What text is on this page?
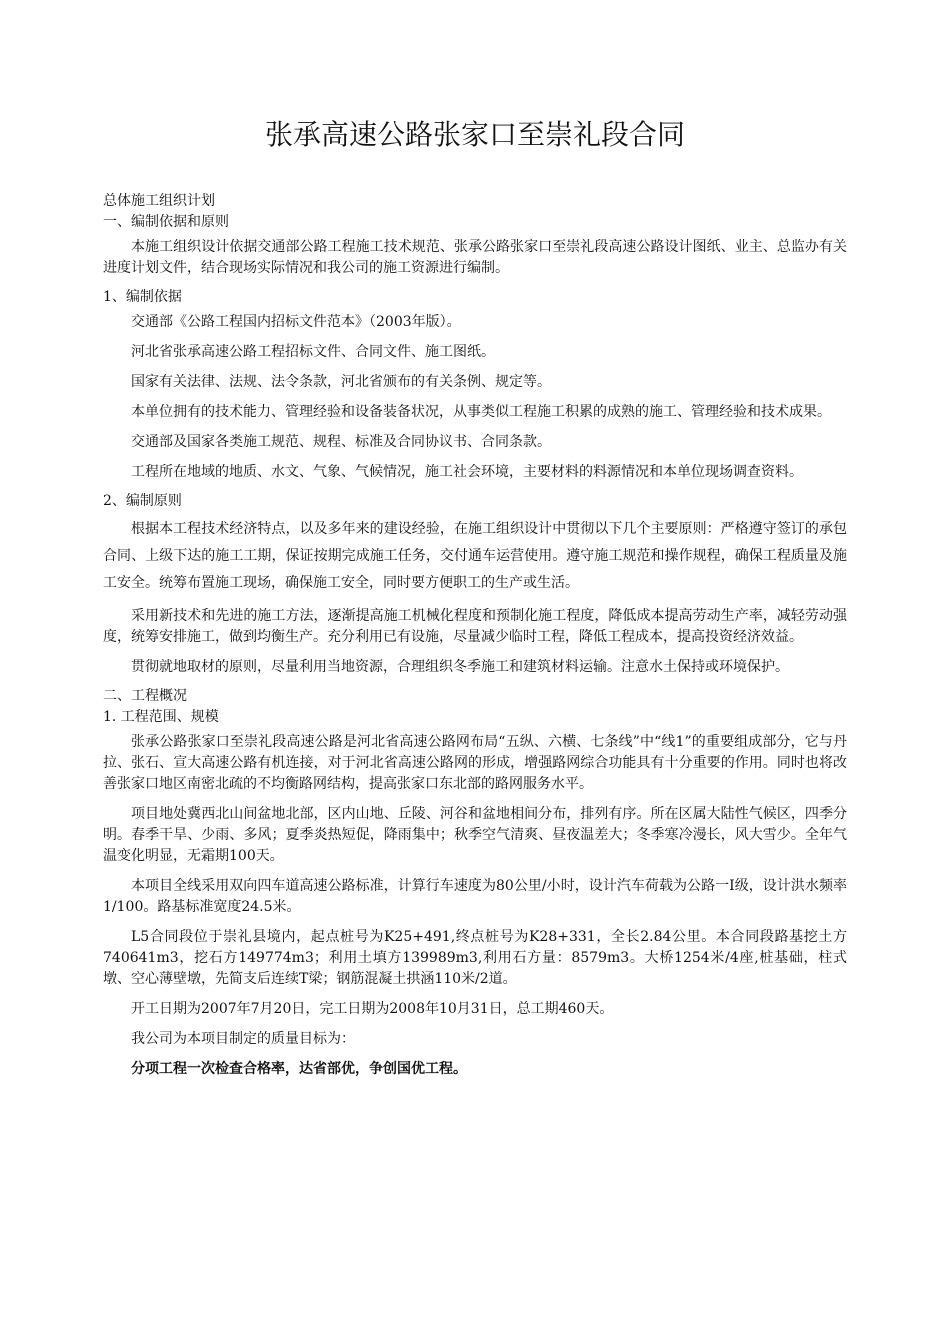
张承高速公路张家口至崇礼段合同

总体施工组织计划

一、编制依据和原则

本施工组织设计依据交通部公路工程施工技术规范、张承公路张家口至崇礼段高速公路设计图纸、业主、总监办有关进度计划文件，结合现场实际情况和我公司的施工资源进行编制。

1、编制依据

交通部《公路工程国内招标文件范本》（2003年版）。

河北省张承高速公路工程招标文件、合同文件、施工图纸。

国家有关法律、法规、法令条款，河北省颁布的有关条例、规定等。

本单位拥有的技术能力、管理经验和设备装备状况，从事类似工程施工积累的成熟的施工、管理经验和技术成果。

交通部及国家各类施工规范、规程、标准及合同协议书、合同条款。

工程所在地域的地质、水文、气象、气候情况，施工社会环境，主要材料的料源情况和本单位现场调查资料。

2、编制原则

根据本工程技术经济特点，以及多年来的建设经验，在施工组织设计中贯彻以下几个主要原则：严格遵守签订的承包合同、上级下达的施工工期，保证按期完成施工任务，交付通车运营使用。遵守施工规范和操作规程，确保工程质量及施工安全。统筹布置施工现场，确保施工安全，同时要方便职工的生产或生活。

采用新技术和先进的施工方法，逐渐提高施工机械化程度和预制化施工程度，降低成本提高劳动生产率，减轻劳动强度，统筹安排施工，做到均衡生产。充分利用已有设施，尽量减少临时工程，降低工程成本，提高投资经济效益。

贯彻就地取材的原则，尽量利用当地资源，合理组织冬季施工和建筑材料运输。注意水土保持或环境保护。

二、工程概况

1. 工程范围、规模

张承公路张家口至崇礼段高速公路是河北省高速公路网布局“五纵、六横、七条线”中“线1”的重要组成部分，它与丹拉、张石、宣大高速公路有机连接，对于河北省高速公路网的形成，增强路网综合功能具有十分重要的作用。同时也将改善张家口地区南密北疏的不均衡路网结构，提高张家口东北部的路网服务水平。

项目地处冀西北山间盆地北部，区内山地、丘陵、河谷和盆地相间分布，排列有序。所在区属大陆性气候区，四季分明。春季干旱、少雨、多风；夏季炎热短促，降雨集中；秋季空气清爽、昼夜温差大；冬季寒冷漫长，风大雪少。全年气温变化明显，无霜期100天。

本项目全线采用双向四车道高速公路标准，计算行车速度为80公里/小时，设计汽车荷载为公路一I级，设计洪水频率1/100。路基标准宽度24.5米。

L5合同段位于崇礼县境内，起点桩号为K25+491,终点桩号为K28+331，全长2.84公里。本合同段路基挖土方740641m3，挖石方149774m3；利用土填方139989m3,利用石方量：8579m3。大桥1254米/4座,桩基础，柱式墩、空心薄壁墩，先简支后连续T梁；钢筋混凝土拱涵110米/2道。

开工日期为2007年7月20日，完工日期为2008年10月31日，总工期460天。

我公司为本项目制定的质量目标为：

分项工程一次检查合格率，达省部优，争创国优工程。
